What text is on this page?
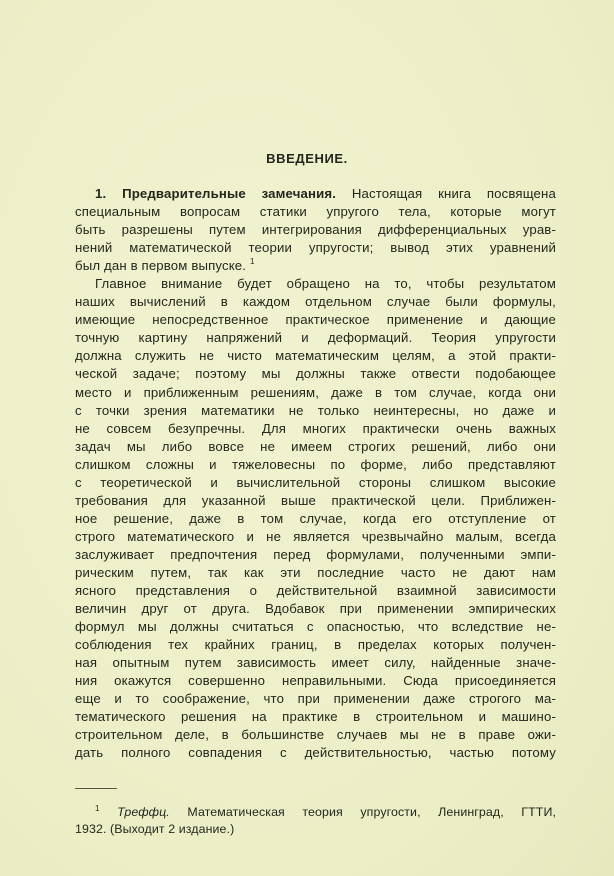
ВВЕДЕНИЕ.
1. Предварительные замечания. Настоящая книга посвящена
специальным вопросам статики упругого тела, которые могут
быть разрешены путем интегрирования дифференциальных урав-
нений математической теории упругости; вывод этих уравнений
был дан в первом выпуске. $^1$
Главное внимание будет обращено на то, чтобы результатом
наших вычислений в каждом отдельном случае были формулы,
имеющие непосредственное практическое применение и дающие
точную картину напряжений и деформаций. Теория упругости
должна служить не чисто математическим целям, а этой практи-
ческой задаче; поэтому мы должны также отвести подобающее
место и приближенным решениям, даже в том случае, когда они
с точки зрения математики не только неинтересны, но даже и
не совсем безупречны. Для многих практически очень важных
задач мы либо вовсе не имеем строгих решений, либо они
слишком сложны и тяжеловесны по форме, либо представляют
с теоретической и вычислительной стороны слишком высокие
требования для указанной выше практической цели. Приближен-
ное решение, даже в том случае, когда его отступление от
строго математического и не является чрезвычайно малым, всегда
заслуживает предпочтения перед формулами, полученными эмпи-
рическим путем, так как эти последние часто не дают нам
ясного представления о действительной взаимной зависимости
величин друг от друга. Вдобавок при применении эмпирических
формул мы должны считаться с опасностью, что вследствие не-
соблюдения тех крайних границ, в пределах которых получен-
ная опытным путем зависимость имеет силу, найденные значе-
ния окажутся совершенно неправильными. Сюда присоединяется
еще и то соображение, что при применении даже строгого ма-
тематического решения на практике в строительном и машино-
строительном деле, в большинстве случаев мы не в праве ожи-
дать полного совпадения с действительностью, частью потому
$^1$ Треффц. Математическая теория упругости, Ленинград, ГТТИ,
1932. (Выходит 2 издание.)
